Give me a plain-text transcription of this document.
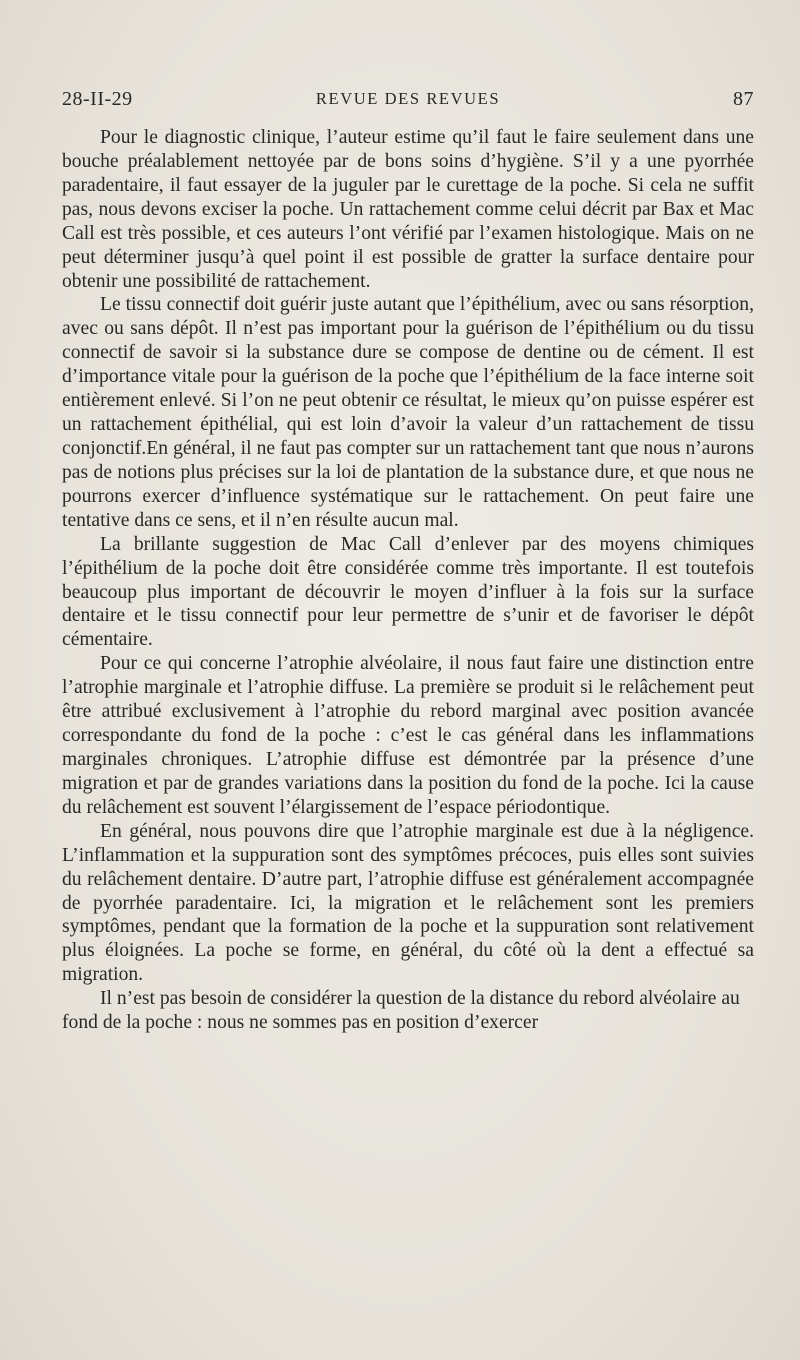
28-II-29	REVUE DES REVUES	87

Pour le diagnostic clinique, l’auteur estime qu’il faut le faire seulement dans une bouche préalablement nettoyée par de bons soins d’hygiène. S’il y a une pyorrhée paradentaire, il faut essayer de la juguler par le curettage de la poche. Si cela ne suffit pas, nous devons exciser la poche. Un rattachement comme celui décrit par Bax et Mac Call est très possible, et ces auteurs l’ont vérifié par l’examen histologique. Mais on ne peut déterminer jusqu’à quel point il est possible de gratter la surface dentaire pour obtenir une possibilité de rattachement.

Le tissu connectif doit guérir juste autant que l’épithélium, avec ou sans résorption, avec ou sans dépôt. Il n’est pas important pour la guérison de l’épithélium ou du tissu connectif de savoir si la substance dure se compose de dentine ou de cément. Il est d’importance vitale pour la guérison de la poche que l’épithélium de la face interne soit entièrement enlevé. Si l’on ne peut obtenir ce résultat, le mieux qu’on puisse espérer est un rattachement épithélial, qui est loin d’avoir la valeur d’un rattachement de tissu conjonctif.En général, il ne faut pas compter sur un rattachement tant que nous n’aurons pas de notions plus précises sur la loi de plantation de la substance dure, et que nous ne pourrons exercer d’influence systématique sur le rattachement. On peut faire une tentative dans ce sens, et il n’en résulte aucun mal.

La brillante suggestion de Mac Call d’enlever par des moyens chimiques l’épithélium de la poche doit être considérée comme très importante. Il est toutefois beaucoup plus important de découvrir le moyen d’influer à la fois sur la surface dentaire et le tissu connectif pour leur permettre de s’unir et de favoriser le dépôt cémentaire.

Pour ce qui concerne l’atrophie alvéolaire, il nous faut faire une distinction entre l’atrophie marginale et l’atrophie diffuse. La première se produit si le relâchement peut être attribué exclusivement à l’atrophie du rebord marginal avec position avancée correspondante du fond de la poche : c’est le cas général dans les inflammations marginales chroniques. L’atrophie diffuse est démontrée par la présence d’une migration et par de grandes variations dans la position du fond de la poche. Ici la cause du relâchement est souvent l’élargissement de l’espace périodontique.

En général, nous pouvons dire que l’atrophie marginale est due à la négligence. L’inflammation et la suppuration sont des symptômes précoces, puis elles sont suivies du relâchement dentaire. D’autre part, l’atrophie diffuse est généralement accompagnée de pyorrhée paradentaire. Ici, la migration et le relâchement sont les premiers symptômes, pendant que la formation de la poche et la suppuration sont relativement plus éloignées. La poche se forme, en général, du côté où la dent a effectué sa migration.

Il n’est pas besoin de considérer la question de la distance du rebord alvéolaire au fond de la poche : nous ne sommes pas en position d’exercer
